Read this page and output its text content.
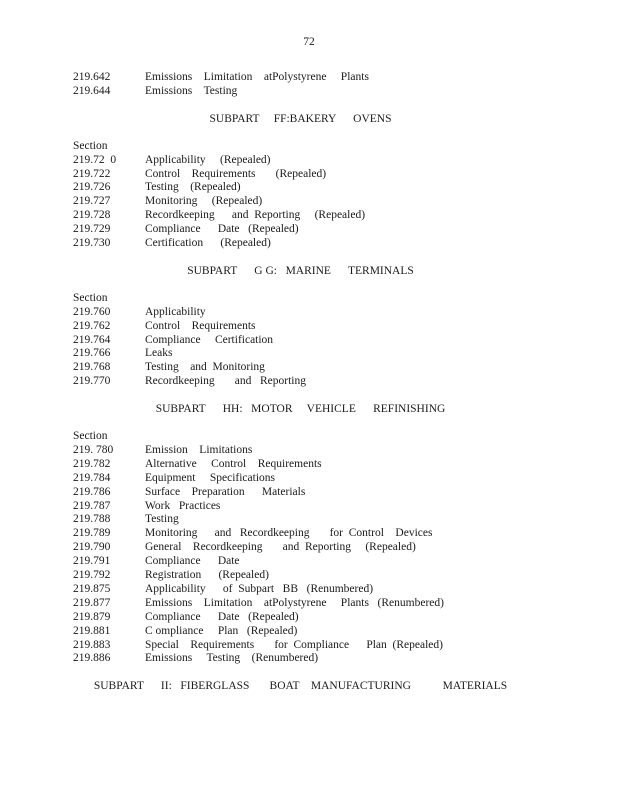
72
219.642	Emissions    Limitation    atPolystyrene     Plants
219.644	Emissions    Testing
SUBPART     FF:BAKERY      OVENS
Section
219.72  0	Applicability     (Repealed)
219.722	Control    Requirements       (Repealed)
219.726	Testing    (Repealed)
219.727	Monitoring     (Repealed)
219.728	Recordkeeping      and  Reporting     (Repealed)
219.729	Compliance      Date   (Repealed)
219.730	Certification      (Repealed)
SUBPART      G G:   MARINE      TERMINALS
Section
219.760	Applicability
219.762	Control    Requirements
219.764	Compliance     Certification
219.766	Leaks
219.768	Testing    and  Monitoring
219.770	Recordkeeping       and   Reporting
SUBPART      HH:   MOTOR     VEHICLE      REFINISHING
Section
219. 780	Emission    Limitations
219.782	Alternative     Control    Requirements
219.784	Equipment     Specifications
219.786	Surface    Preparation      Materials
219.787	Work   Practices
219.788	Testing
219.789	Monitoring      and   Recordkeeping       for  Control    Devices
219.790	General    Recordkeeping       and  Reporting     (Repealed)
219.791	Compliance      Date
219.792	Registration      (Repealed)
219.875	Applicability      of  Subpart   BB   (Renumbered)
219.877	Emissions    Limitation    atPolystyrene     Plants   (Renumbered)
219.879	Compliance      Date   (Repealed)
219.881	C ompliance     Plan   (Repealed)
219.883	Special    Requirements       for  Compliance      Plan  (Repealed)
219.886	Emissions     Testing    (Renumbered)
SUBPART      II:   FIBERGLASS       BOAT    MANUFACTURING           MATERIALS
